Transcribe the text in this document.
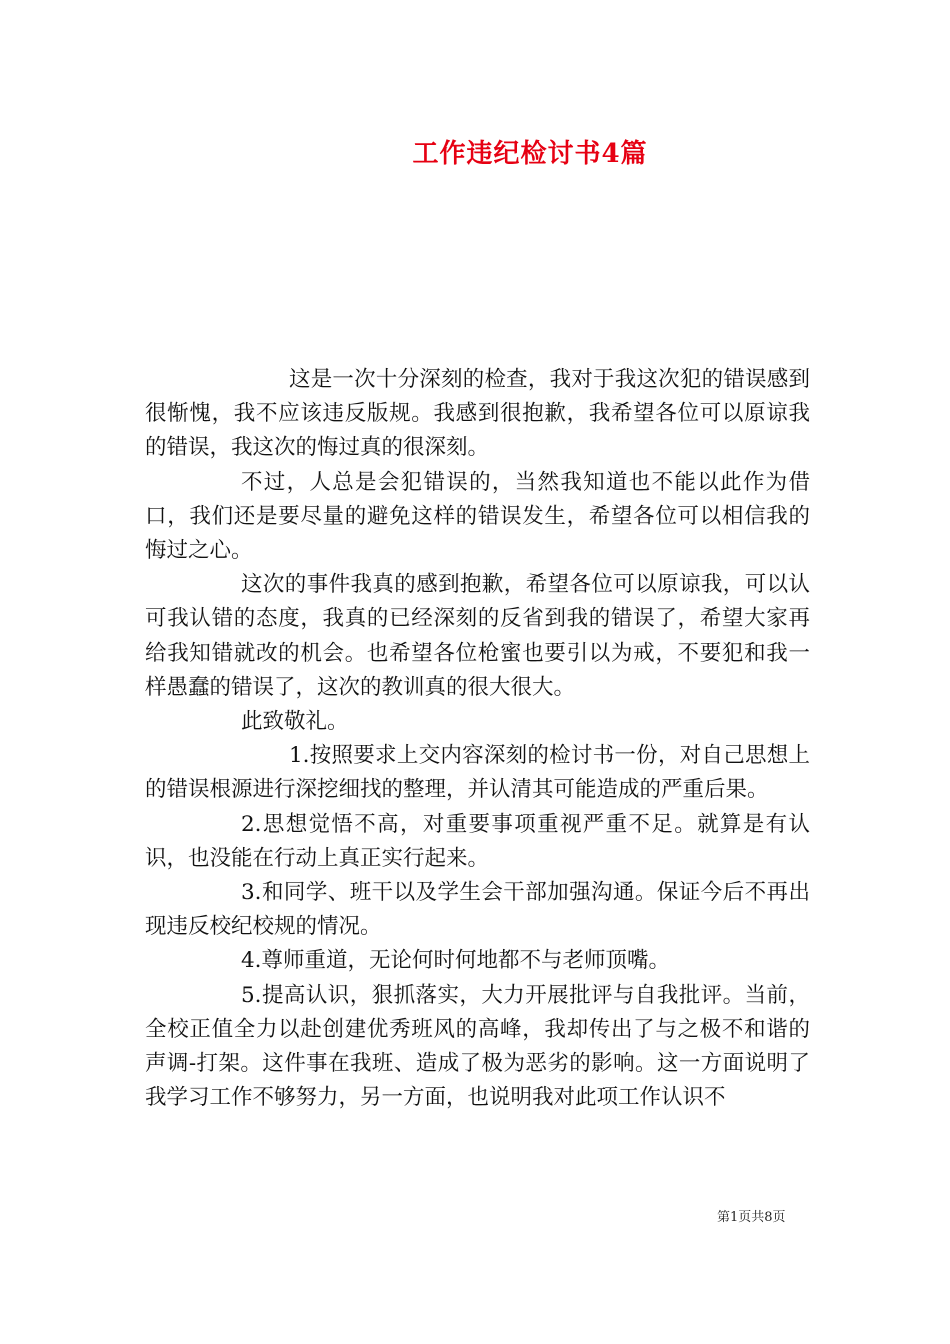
工作违纪检讨书4篇

这是一次十分深刻的检查，我对于我这次犯的错误感到很惭愧，我不应该违反版规。我感到很抱歉，我希望各位可以原谅我的错误，我这次的悔过真的很深刻。

不过，人总是会犯错误的，当然我知道也不能以此作为借口，我们还是要尽量的避免这样的错误发生，希望各位可以相信我的悔过之心。

这次的事件我真的感到抱歉，希望各位可以原谅我，可以认可我认错的态度，我真的已经深刻的反省到我的错误了，希望大家再给我知错就改的机会。也希望各位枪蜜也要引以为戒，不要犯和我一样愚蠢的错误了，这次的教训真的很大很大。

此致敬礼。

1.按照要求上交内容深刻的检讨书一份，对自己思想上的错误根源进行深挖细找的整理，并认清其可能造成的严重后果。

2.思想觉悟不高，对重要事项重视严重不足。就算是有认识，也没能在行动上真正实行起来。

3.和同学、班干以及学生会干部加强沟通。保证今后不再出现违反校纪校规的情况。

4.尊师重道，无论何时何地都不与老师顶嘴。

5.提高认识，狠抓落实，大力开展批评与自我批评。当前，全校正值全力以赴创建优秀班风的高峰，我却传出了与之极不和谐的声调-打架。这件事在我班、造成了极为恶劣的影响。这一方面说明了我学习工作不够努力，另一方面，也说明我对此项工作认识不

第1页共8页
